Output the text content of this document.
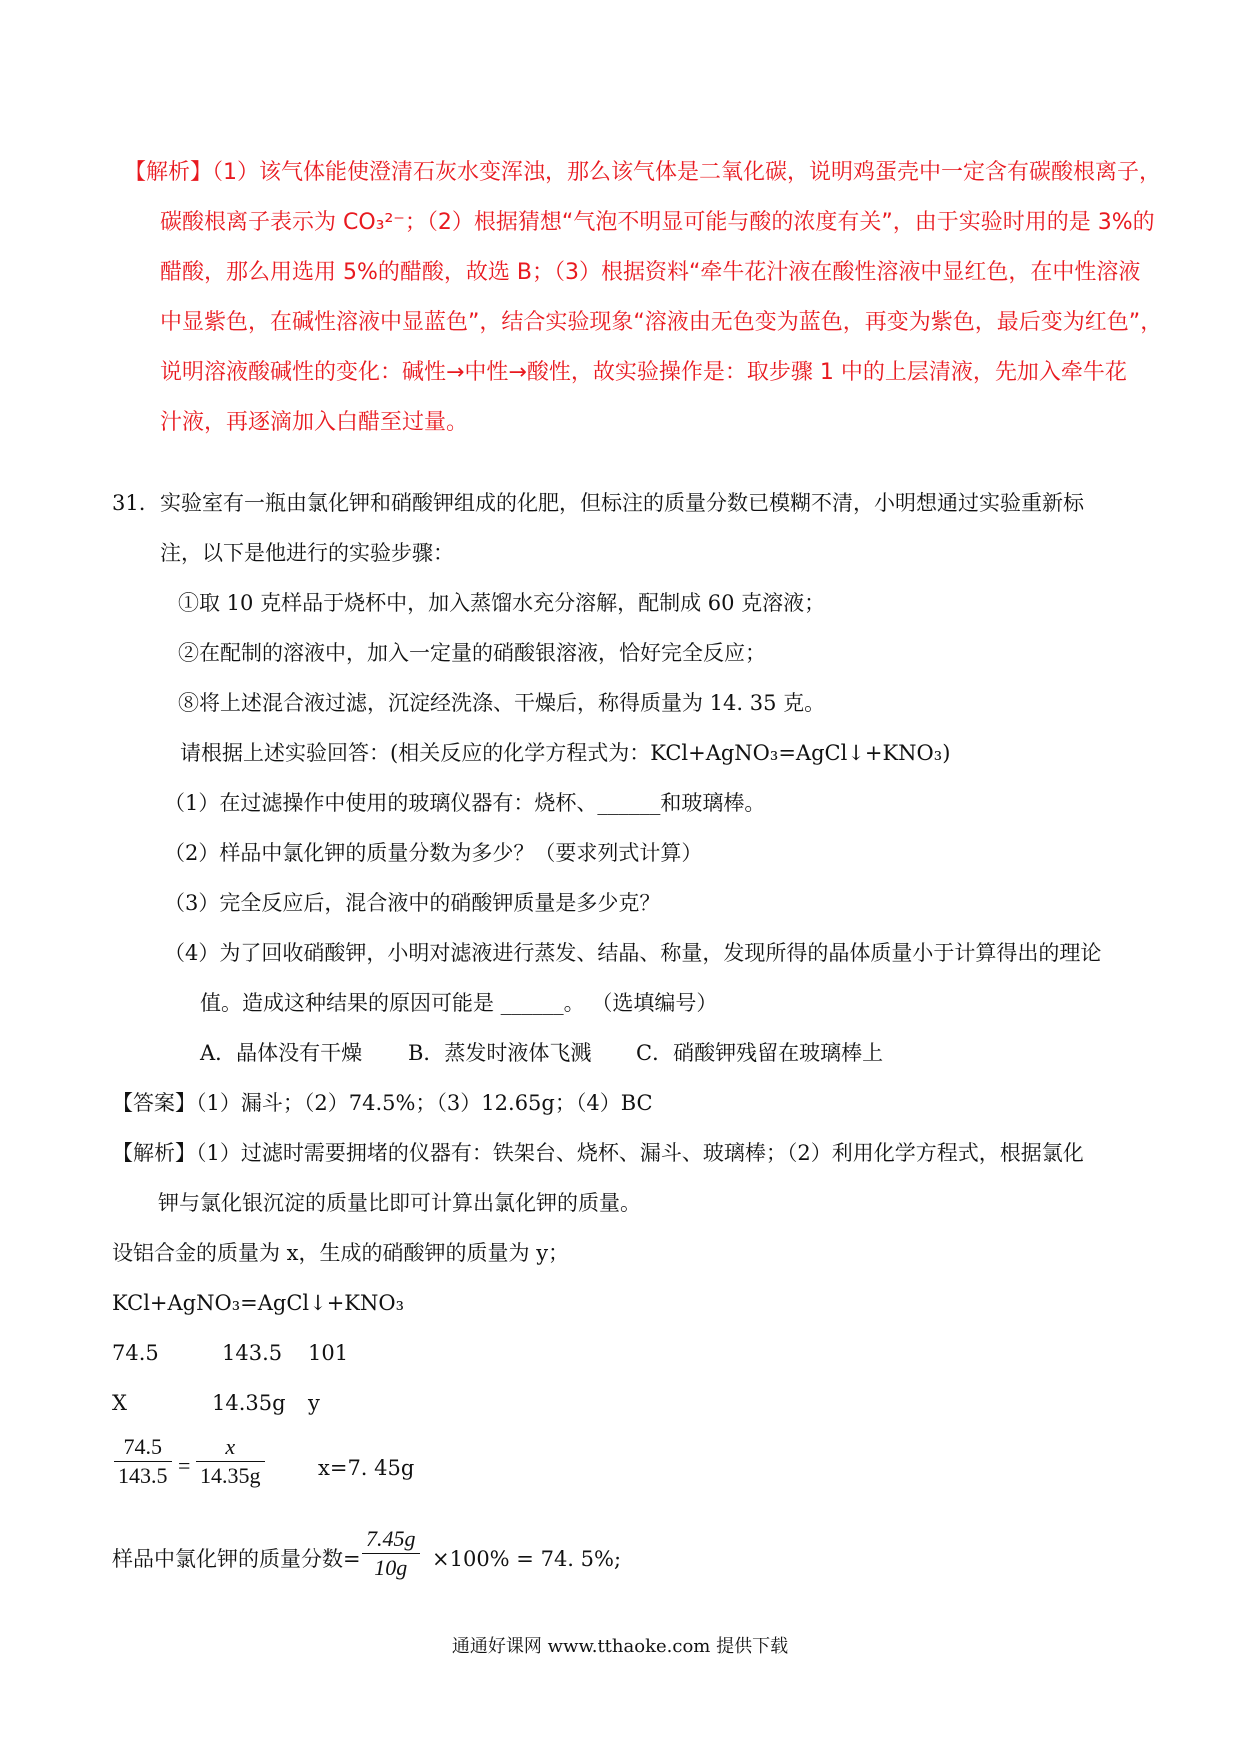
【解析】（1）该气体能使澄清石灰水变浑浊，那么该气体是二氧化碳，说明鸡蛋壳中一定含有碳酸根离子，
碳酸根离子表示为 CO₃²⁻；（2）根据猜想“气泡不明显可能与酸的浓度有关”，由于实验时用的是 3%的
醋酸，那么用选用 5%的醋酸，故选 B；（3）根据资料“牵牛花汁液在酸性溶液中显红色，在中性溶液
中显紫色，在碱性溶液中显蓝色”，结合实验现象“溶液由无色变为蓝色，再变为紫色，最后变为红色”，
说明溶液酸碱性的变化：碱性→中性→酸性，故实验操作是：取步骤 1 中的上层清液，先加入牵牛花
汁液，再逐滴加入白醋至过量。
31. 实验室有一瓶由氯化钾和硝酸钾组成的化肥，但标注的质量分数已模糊不清，小明想通过实验重新标
注，以下是他进行的实验步骤：
①取 10 克样品于烧杯中，加入蒸馏水充分溶解，配制成 60 克溶液；
②在配制的溶液中，加入一定量的硝酸银溶液，恰好完全反应；
⑧将上述混合液过滤，沉淀经洗涤、干燥后，称得质量为 14. 35 克。
请根据上述实验回答：(相关反应的化学方程式为：KCl+AgNO₃=AgCl↓+KNO₃)
（1）在过滤操作中使用的玻璃仪器有：烧杯、______和玻璃棒。
（2）样品中氯化钾的质量分数为多少？（要求列式计算）
（3）完全反应后，混合液中的硝酸钾质量是多少克？
（4）为了回收硝酸钾，小明对滤液进行蒸发、结晶、称量，发现所得的晶体质量小于计算得出的理论
值。造成这种结果的原因可能是 ______。 （选填编号）
A．晶体没有干燥 B．蒸发时液体飞溅 C．硝酸钾残留在玻璃棒上
【答案】（1）漏斗；（2）74.5%；（3）12.65g；（4）BC
【解析】（1）过滤时需要拥堵的仪器有：铁架台、烧杯、漏斗、玻璃棒；（2）利用化学方程式，根据氯化
钾与氯化银沉淀的质量比即可计算出氯化钾的质量。
设铝合金的质量为 x，生成的硝酸钾的质量为 y；
KCl+AgNO₃=AgCl↓+KNO₃
74.5	143.5 101
X	14.35g y
74.5
143.5 =
x
14.35g	x=7. 45g
样品中氯化钾的质量分数=
7.45g
10g ×100% = 74. 5%;
通通好课网 www.tthaoke.com 提供下载
